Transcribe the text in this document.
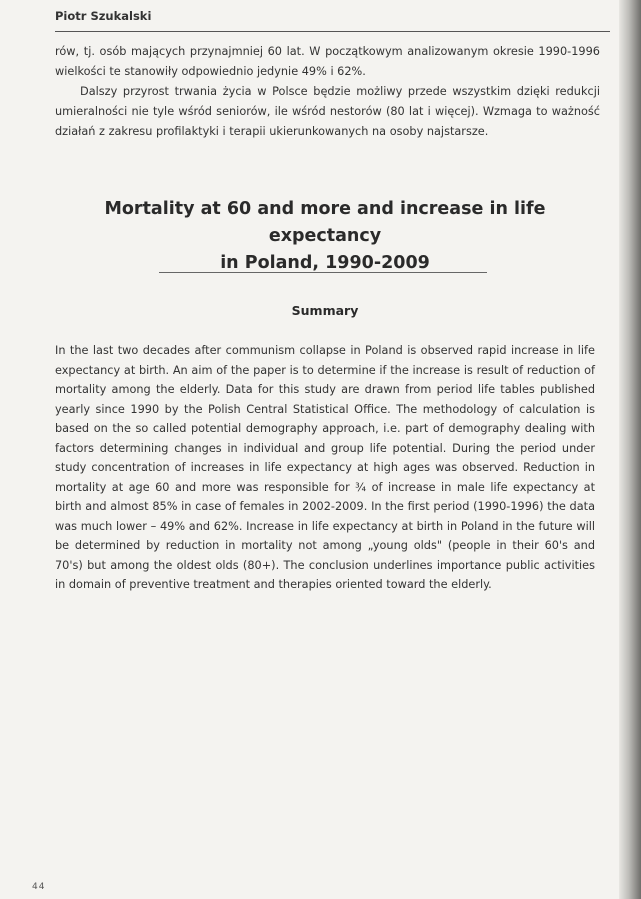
Piotr Szukalski

rów, tj. osób mających przynajmniej 60 lat. W początkowym analizowanym okresie 1990-1996 wielkości te stanowiły odpowiednio jedynie 49% i 62%.

Dalszy przyrost trwania życia w Polsce będzie możliwy przede wszystkim dzięki redukcji umieralności nie tyle wśród seniorów, ile wśród nestorów (80 lat i więcej). Wzmaga to ważność działań z zakresu profilaktyki i terapii ukierunkowanych na osoby najstarsze.

Mortality at 60 and more and increase in life expectancy
in Poland, 1990-2009
Summary

In the last two decades after communism collapse in Poland is observed rapid increase in life expectancy at birth. An aim of the paper is to determine if the increase is result of reduction of mortality among the elderly. Data for this study are drawn from period life tables published yearly since 1990 by the Polish Central Statistical Office. The methodology of calculation is based on the so called potential demography approach, i.e. part of demography dealing with factors determining changes in individual and group life potential. During the period under study concentration of increases in life expectancy at high ages was observed. Reduction in mortality at age 60 and more was responsible for ¾ of increase in male life expectancy at birth and almost 85% in case of females in 2002-2009. In the first period (1990-1996) the data was much lower – 49% and 62%. Increase in life expectancy at birth in Poland in the future will be determined by reduction in mortality not among „young olds" (people in their 60's and 70's) but among the oldest olds (80+). The conclusion underlines importance public activities in domain of preventive treatment and therapies oriented toward the elderly.

44
